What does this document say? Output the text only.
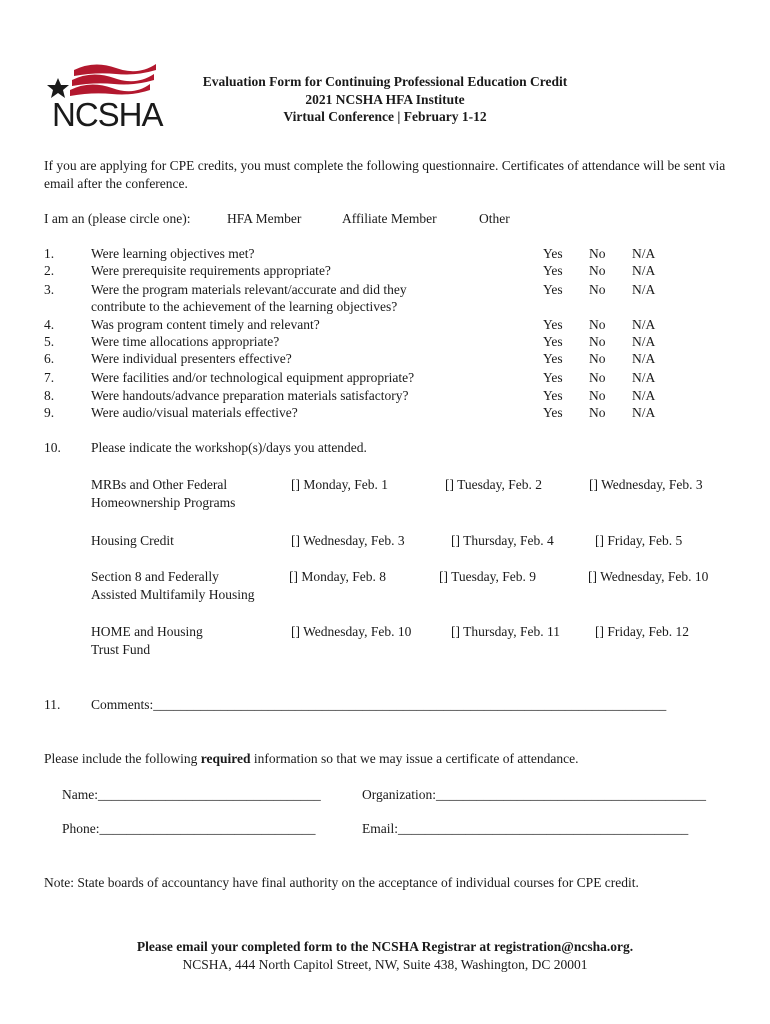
NCSHA
Evaluation Form for Continuing Professional Education Credit
2021 NCSHA HFA Institute
Virtual Conference | February 1-12
If you are applying for CPE credits, you must complete the following questionnaire. Certificates of attendance will be sent via email after the conference.
I am an (please circle one):	HFA Member	Affiliate Member	Other
1.	Were learning objectives met?	Yes No N/A
2.	Were prerequisite requirements appropriate?	Yes No N/A
3.	Were the program materials relevant/accurate and did they
contribute to the achievement of the learning objectives?
Yes No N/A
4.	Was program content timely and relevant?	Yes No N/A
5.	Were time allocations appropriate?	Yes No N/A
6.	Were individual presenters effective?	Yes No N/A
7.	Were facilities and/or technological equipment appropriate?	Yes No N/A
8.	Were handouts/advance preparation materials satisfactory?	Yes No N/A
9.	Were audio/visual materials effective?	Yes No N/A
10. Please indicate the workshop(s)/days you attended.
MRBs and Other Federal
Homeownership Programs
[] Monday, Feb. 1	[] Tuesday, Feb. 2	[] Wednesday, Feb. 3
Housing Credit	[] Wednesday, Feb. 3	[] Thursday, Feb. 4	[] Friday, Feb. 5
Section 8 and Federally
Assisted Multifamily Housing
[] Monday, Feb. 8	[] Tuesday, Feb. 9	[] Wednesday, Feb. 10
HOME and Housing
Trust Fund
[] Wednesday, Feb. 10	[] Thursday, Feb. 11	[] Friday, Feb. 12
11. Comments:____________________________________________________________________________
Please include the following required information so that we may issue a certificate of attendance.
Name:_________________________________	Organization:________________________________________
Phone:________________________________	Email:___________________________________________
Note: State boards of accountancy have final authority on the acceptance of individual courses for CPE credit.
Please email your completed form to the NCSHA Registrar at registration@ncsha.org.
NCSHA, 444 North Capitol Street, NW, Suite 438, Washington, DC 20001
